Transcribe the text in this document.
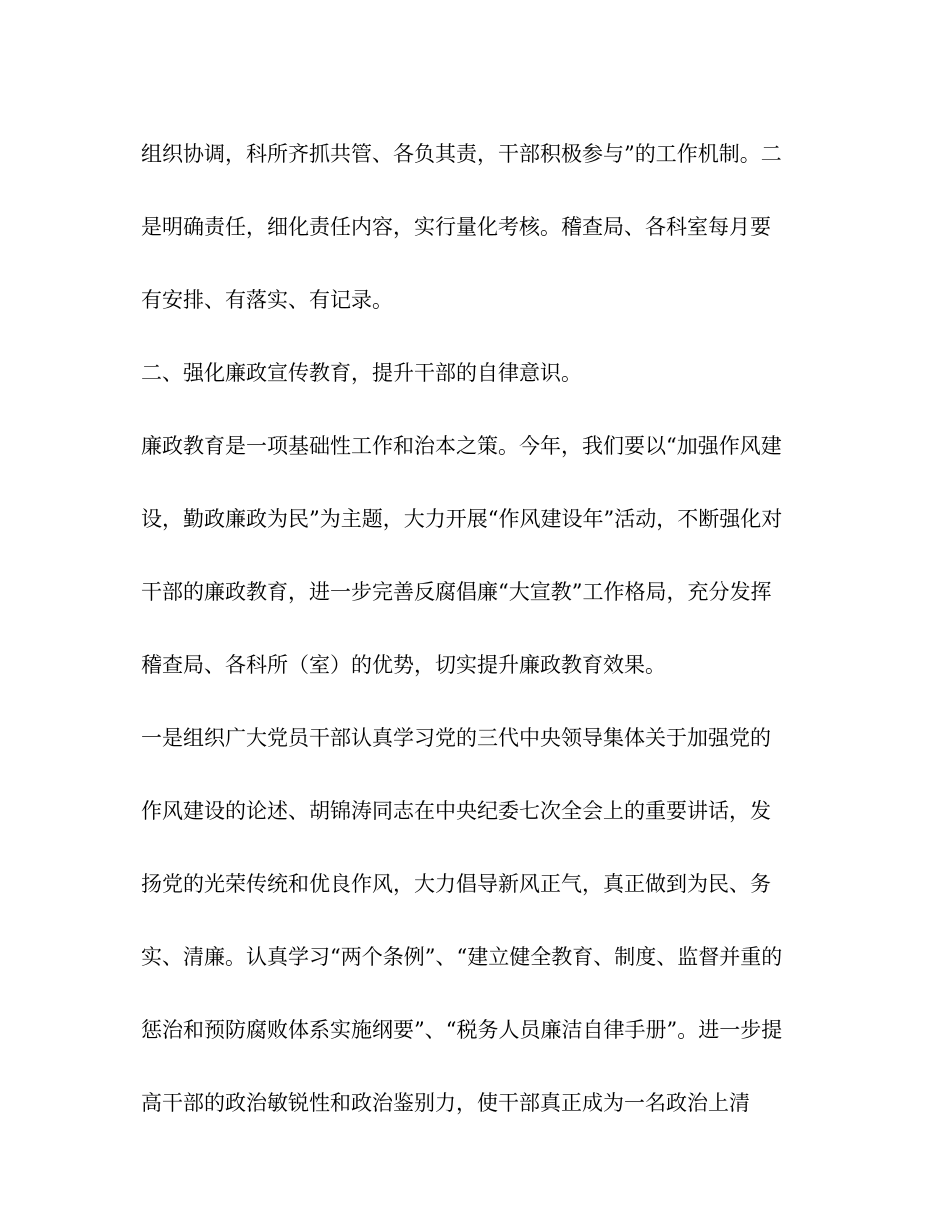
组织协调，科所齐抓共管、各负其责，干部积极参与”的工作机制。二
是明确责任，细化责任内容，实行量化考核。稽查局、各科室每月要
有安排、有落实、有记录。
二、强化廉政宣传教育，提升干部的自律意识。
廉政教育是一项基础性工作和治本之策。今年，我们要以“加强作风建
设，勤政廉政为民”为主题，大力开展“作风建设年”活动，不断强化对
干部的廉政教育，进一步完善反腐倡廉“大宣教”工作格局，充分发挥
稽查局、各科所（室）的优势，切实提升廉政教育效果。
一是组织广大党员干部认真学习党的三代中央领导集体关于加强党的
作风建设的论述、胡锦涛同志在中央纪委七次全会上的重要讲话，发
扬党的光荣传统和优良作风，大力倡导新风正气，真正做到为民、务
实、清廉。认真学习“两个条例”、“建立健全教育、制度、监督并重的
惩治和预防腐败体系实施纲要”、“税务人员廉洁自律手册”。进一步提
高干部的政治敏锐性和政治鉴别力，使干部真正成为一名政治上清
